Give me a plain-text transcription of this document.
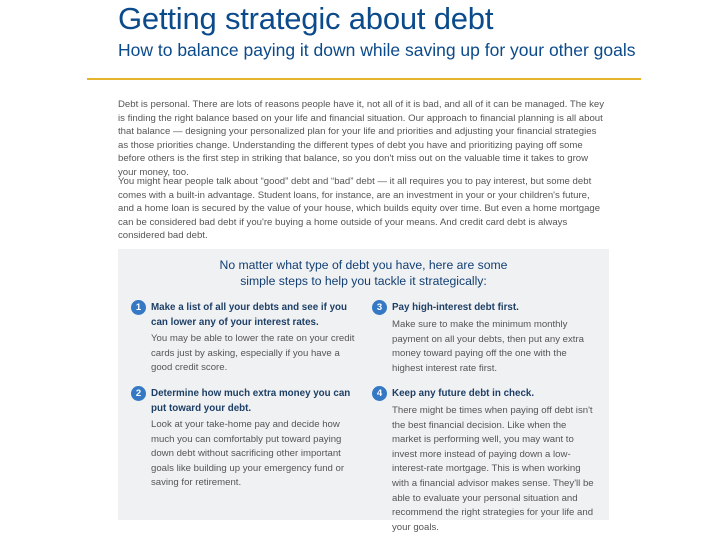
Getting strategic about debt
How to balance paying it down while saving up for your other goals

Debt is personal. There are lots of reasons people have it, not all of it is bad, and all of it can be managed. The key is finding the right balance based on your life and financial situation. Our approach to financial planning is all about that balance — designing your personalized plan for your life and priorities and adjusting your financial strategies as those priorities change. Understanding the different types of debt you have and prioritizing paying off some before others is the first step in striking that balance, so you don't miss out on the valuable time it takes to grow your money, too.

You might hear people talk about “good” debt and “bad” debt — it all requires you to pay interest, but some debt comes with a built-in advantage. Student loans, for instance, are an investment in your or your children's future, and a home loan is secured by the value of your house, which builds equity over time. But even a home mortgage can be considered bad debt if you're buying a home outside of your means. And credit card debt is always considered bad debt.

No matter what type of debt you have, here are some
simple steps to help you tackle it strategically:
1	Make a list of all your debts and see if you can lower any of your interest rates.

You may be able to lower the rate on your credit cards just by asking, especially if you have a good credit score.

2	Determine how much extra money you can put toward your debt.

Look at your take-home pay and decide how much you can comfortably put toward paying down debt without sacrificing other important goals like building up your emergency fund or saving for retirement.

3	Pay high-interest debt first.

Make sure to make the minimum monthly payment on all your debts, then put any extra money toward paying off the one with the highest interest rate first.

4	Keep any future debt in check.

There might be times when paying off debt isn't the best financial decision. Like when the market is performing well, you may want to invest more instead of paying down a low-interest-rate mortgage. This is when working with a financial advisor makes sense. They'll be able to evaluate your personal situation and recommend the right strategies for your life and your goals.
